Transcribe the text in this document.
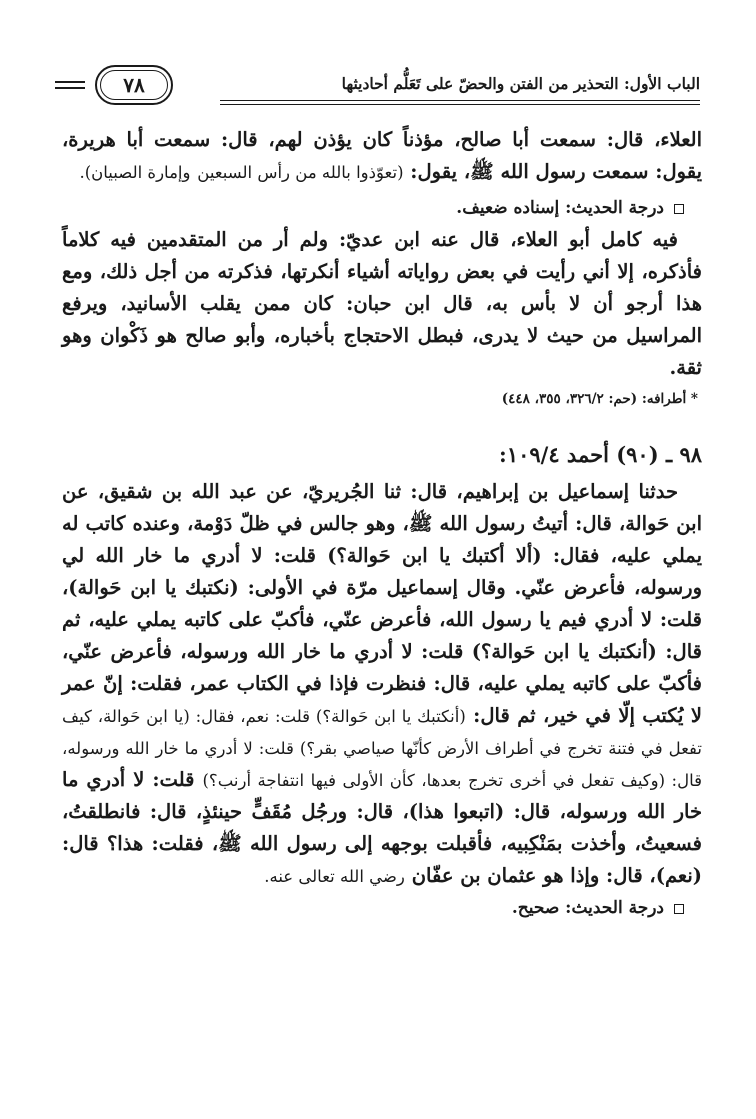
الباب الأول: التحذير من الفتن والحضّ على تَعَلُّم أحاديثها
٧٨

العلاء، قال: سمعت أبا صالح، مؤذناً كان يؤذن لهم، قال: سمعت أبا هريرة، يقول: سمعت رسول الله ﷺ، يقول: (تعوّذوا بالله من رأس السبعين وإمارة الصبيان).

درجة الحديث: إسناده ضعيف.

فيه كامل أبو العلاء، قال عنه ابن عديّ: ولم أر من المتقدمين فيه كلاماً فأذكره، إلا أني رأيت في بعض رواياته أشياء أنكرتها، فذكرته من أجل ذلك، ومع هذا أرجو أن لا بأس به، قال ابن حبان: كان ممن يقلب الأسانيد، ويرفع المراسيل من حيث لا يدرى، فبطل الاحتجاج بأخباره، وأبو صالح هو ذَكْوان وهو ثقة.

* أطرافه: (حم: ٣٢٦/٢، ٣٥٥، ٤٤٨)

٩٨ ـ (٩٠) أحمد ١٠٩/٤:

حدثنا إسماعيل بن إبراهيم، قال: ثنا الجُريريّ، عن عبد الله بن شقيق، عن ابن حَوالة، قال: أتيتُ رسول الله ﷺ، وهو جالس في ظلّ دَوْمة، وعنده كاتب له يملي عليه، فقال: (ألا أكتبك يا ابن حَوالة؟) قلت: لا أدري ما خار الله لي ورسوله، فأعرض عنّي. وقال إسماعيل مرّة في الأولى: (نكتبك يا ابن حَوالة)، قلت: لا أدري فيم يا رسول الله، فأعرض عنّي، فأكبّ على كاتبه يملي عليه، ثم قال: (أنكتبك يا ابن حَوالة؟) قلت: لا أدري ما خار الله ورسوله، فأعرض عنّي، فأكبّ على كاتبه يملي عليه، قال: فنظرت فإذا في الكتاب عمر، فقلت: إنّ عمر لا يُكتب إلّا في خير، ثم قال: (أنكتبك يا ابن حَوالة؟) قلت: نعم، فقال: (يا ابن حَوالة، كيف تفعل في فتنة تخرج في أطراف الأرض كأنّها صياصي بقر؟) قلت: لا أدري ما خار الله ورسوله، قال: (وكيف تفعل في أخرى تخرج بعدها، كأن الأولى فيها انتفاجة أرنب؟) قلت: لا أدري ما خار الله ورسوله، قال: (اتبعوا هذا)، قال: ورجُل مُقَفٍّ حينئذٍ، قال: فانطلقتُ، فسعيتُ، وأخذت بمَنْكِبيه، فأقبلت بوجهه إلى رسول الله ﷺ، فقلت: هذا؟ قال: (نعم)، قال: وإذا هو عثمان بن عفّان رضي الله تعالى عنه.

درجة الحديث: صحيح.
